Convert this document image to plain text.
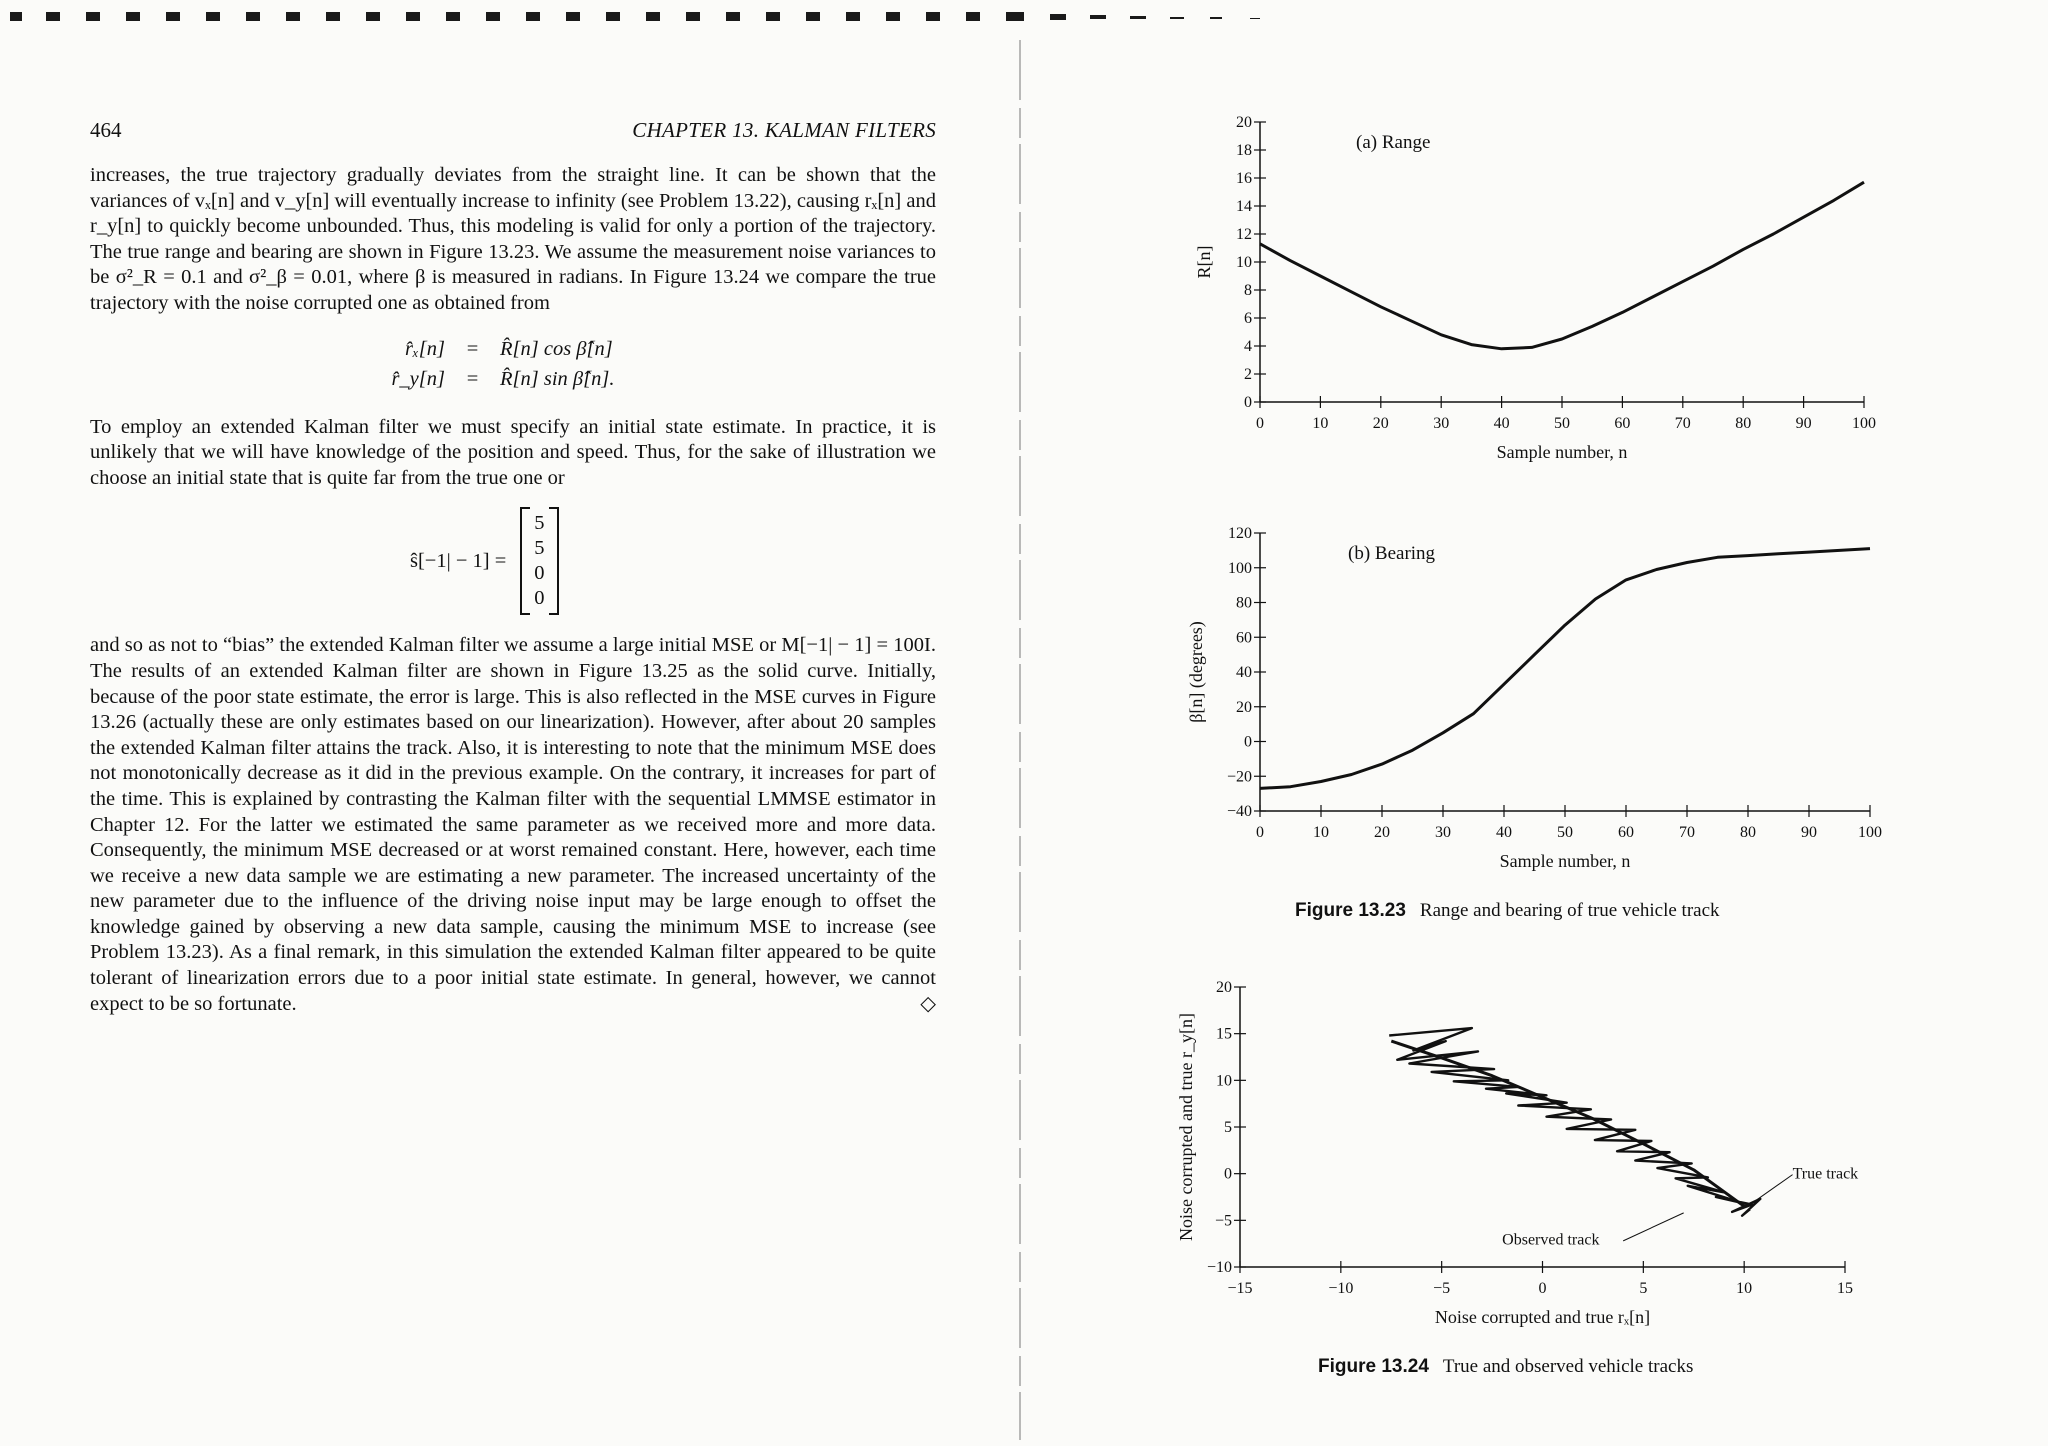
464	CHAPTER 13. KALMAN FILTERS

increases, the true trajectory gradually deviates from the straight line. It can be shown that the variances of vₓ[n] and v_y[n] will eventually increase to infinity (see Problem 13.22), causing rₓ[n] and r_y[n] to quickly become unbounded. Thus, this modeling is valid for only a portion of the trajectory. The true range and bearing are shown in Figure 13.23. We assume the measurement noise variances to be σ²_R = 0.1 and σ²_β = 0.01, where β is measured in radians. In Figure 13.24 we compare the true trajectory with the noise corrupted one as obtained from

r̂ₓ[n]	=	R̂[n] cos β̂[n]
r̂_y[n]	=	R̂[n] sin β̂[n].

To employ an extended Kalman filter we must specify an initial state estimate. In practice, it is unlikely that we will have knowledge of the position and speed. Thus, for the sake of illustration we choose an initial state that is quite far from the true one or

ŝ[−1| − 1] =
5
5
0
0

and so as not to “bias” the extended Kalman filter we assume a large initial MSE or M[−1| − 1] = 100I. The results of an extended Kalman filter are shown in Figure 13.25 as the solid curve. Initially, because of the poor state estimate, the error is large. This is also reflected in the MSE curves in Figure 13.26 (actually these are only estimates based on our linearization). However, after about 20 samples the extended Kalman filter attains the track. Also, it is interesting to note that the minimum MSE does not monotonically decrease as it did in the previous example. On the contrary, it increases for part of the time. This is explained by contrasting the Kalman filter with the sequential LMMSE estimator in Chapter 12. For the latter we estimated the same parameter as we received more and more data. Consequently, the minimum MSE decreased or at worst remained constant. Here, however, each time we receive a new data sample we are estimating a new parameter. The increased uncertainty of the new parameter due to the influence of the driving noise input may be large enough to offset the knowledge gained by observing a new data sample, causing the minimum MSE to increase (see Problem 13.23). As a final remark, in this simulation the extended Kalman filter appeared to be quite tolerant of linearization errors due to a poor initial state estimate. In general, however, we cannot expect to be so fortunate.	◇

0	10	20	30	40	50	60	70	80	90	100
0
2
4
6
8
10
12
14
16
18
20
Sample number, n
R[n]
(a) Range
0	10	20	30	40	50	60	70	80	90	100
−40
−20
0
20
40
60
80
100
120
Sample number, n
β[n] (degrees)
(b) Bearing
Figure 13.23 Range and bearing of true vehicle track
−15	−10	−5	0	5	10	15
−10
−5
0
5
10
15
20
Noise corrupted and true rₓ[n]
Noise corrupted and true r_y[n]	True track
Observed track
Figure 13.24 True and observed vehicle tracks
